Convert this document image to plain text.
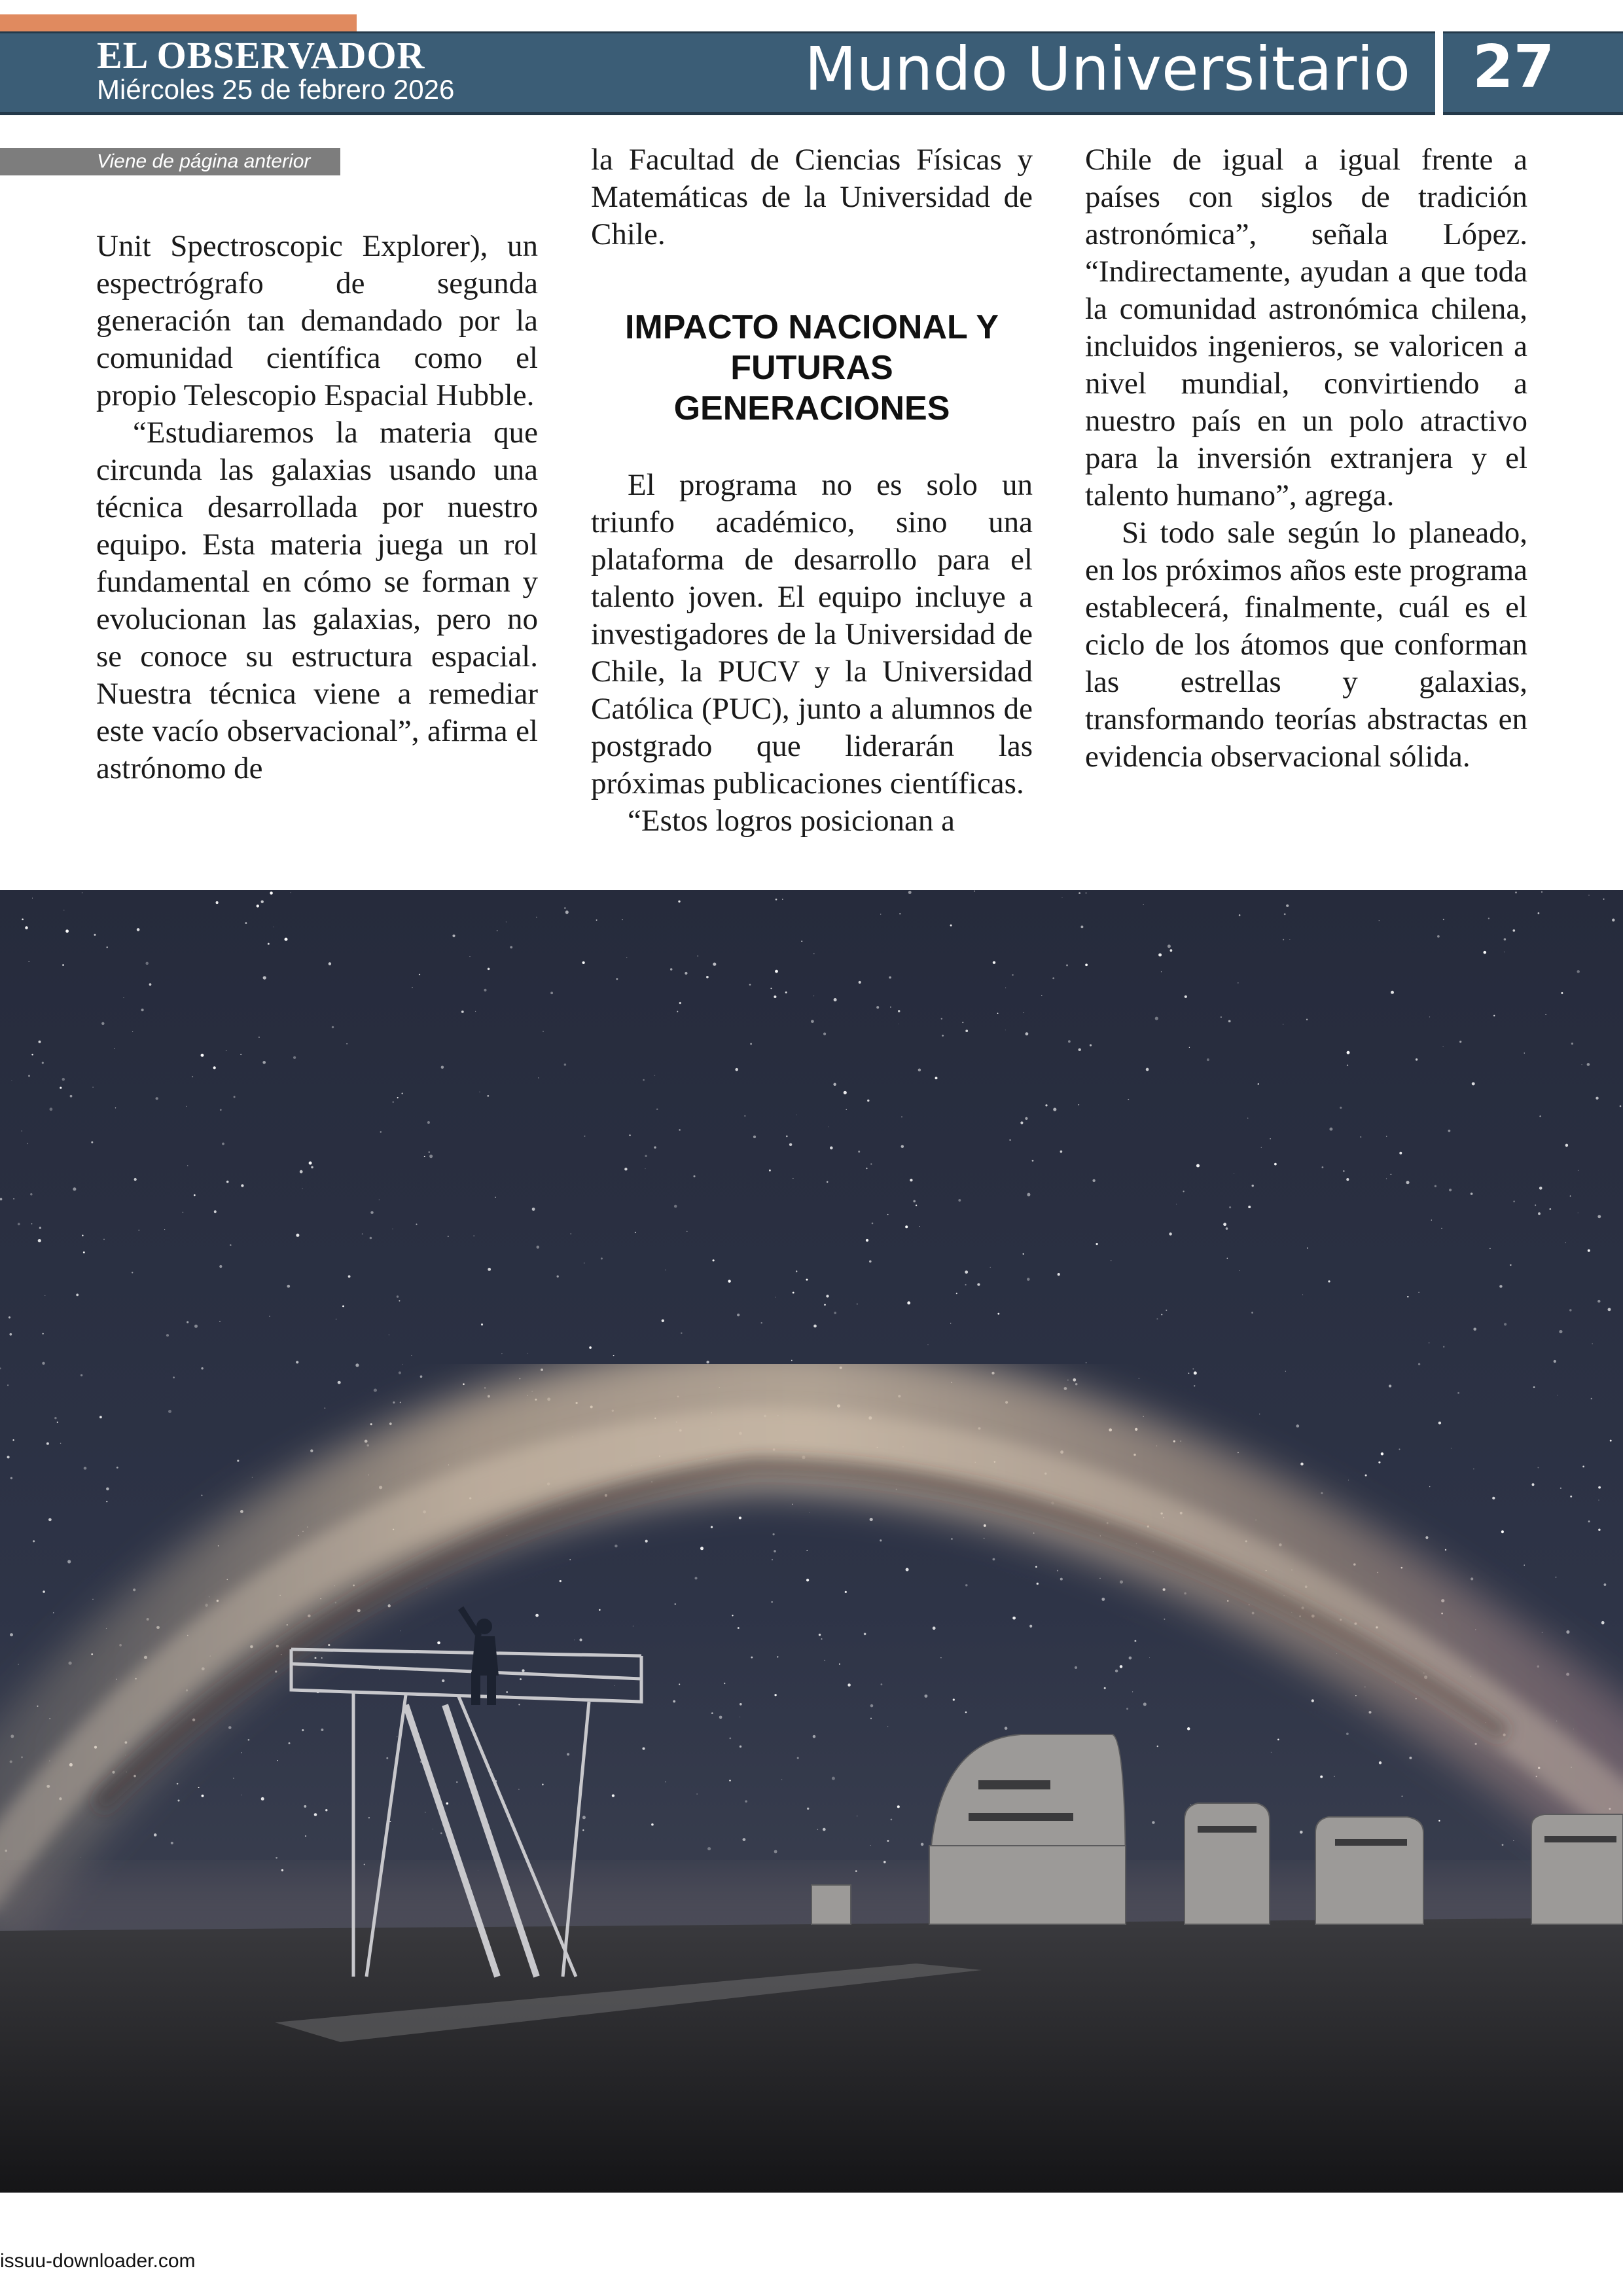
EL OBSERVADOR
Miércoles 25 de febrero 2026	Mundo Universitario 27
Viene de página anterior

Unit Spectroscopic Explorer), un espectrógrafo de segunda generación tan demandado por la comunidad científica como el propio Telescopio Espacial Hubble.

“Estudiaremos la materia que circunda las galaxias usando una técnica desarrollada por nuestro equipo. Esta materia juega un rol fundamental en cómo se forman y evolucionan las galaxias, pero no se conoce su estructura espacial. Nuestra técnica viene a remediar este vacío observacional”, afirma el astrónomo de

la Facultad de Ciencias Físicas y Matemáticas de la Universidad de Chile.

IMPACTO NACIONAL Y FUTURAS GENERACIONES

El programa no es solo un triunfo académico, sino una plataforma de desarrollo para el talento joven. El equipo incluye a investigadores de la Universidad de Chile, la PUCV y la Universidad Católica (PUC), junto a alumnos de postgrado que liderarán las próximas publicaciones científicas.

“Estos logros posicionan a

Chile de igual a igual frente a países con siglos de tradición astronómica”, señala López. “Indirectamente, ayudan a que toda la comunidad astronómica chilena, incluidos ingenieros, se valoricen a nivel mundial, convirtiendo a nuestro país en un polo atractivo para la inversión extranjera y el talento humano”, agrega.

Si todo sale según lo planeado, en los próximos años este programa establecerá, finalmente, cuál es el ciclo de los átomos que conforman las estrellas y galaxias, transformando teorías abstractas en evidencia observacional sólida.

issuu-downloader.com
